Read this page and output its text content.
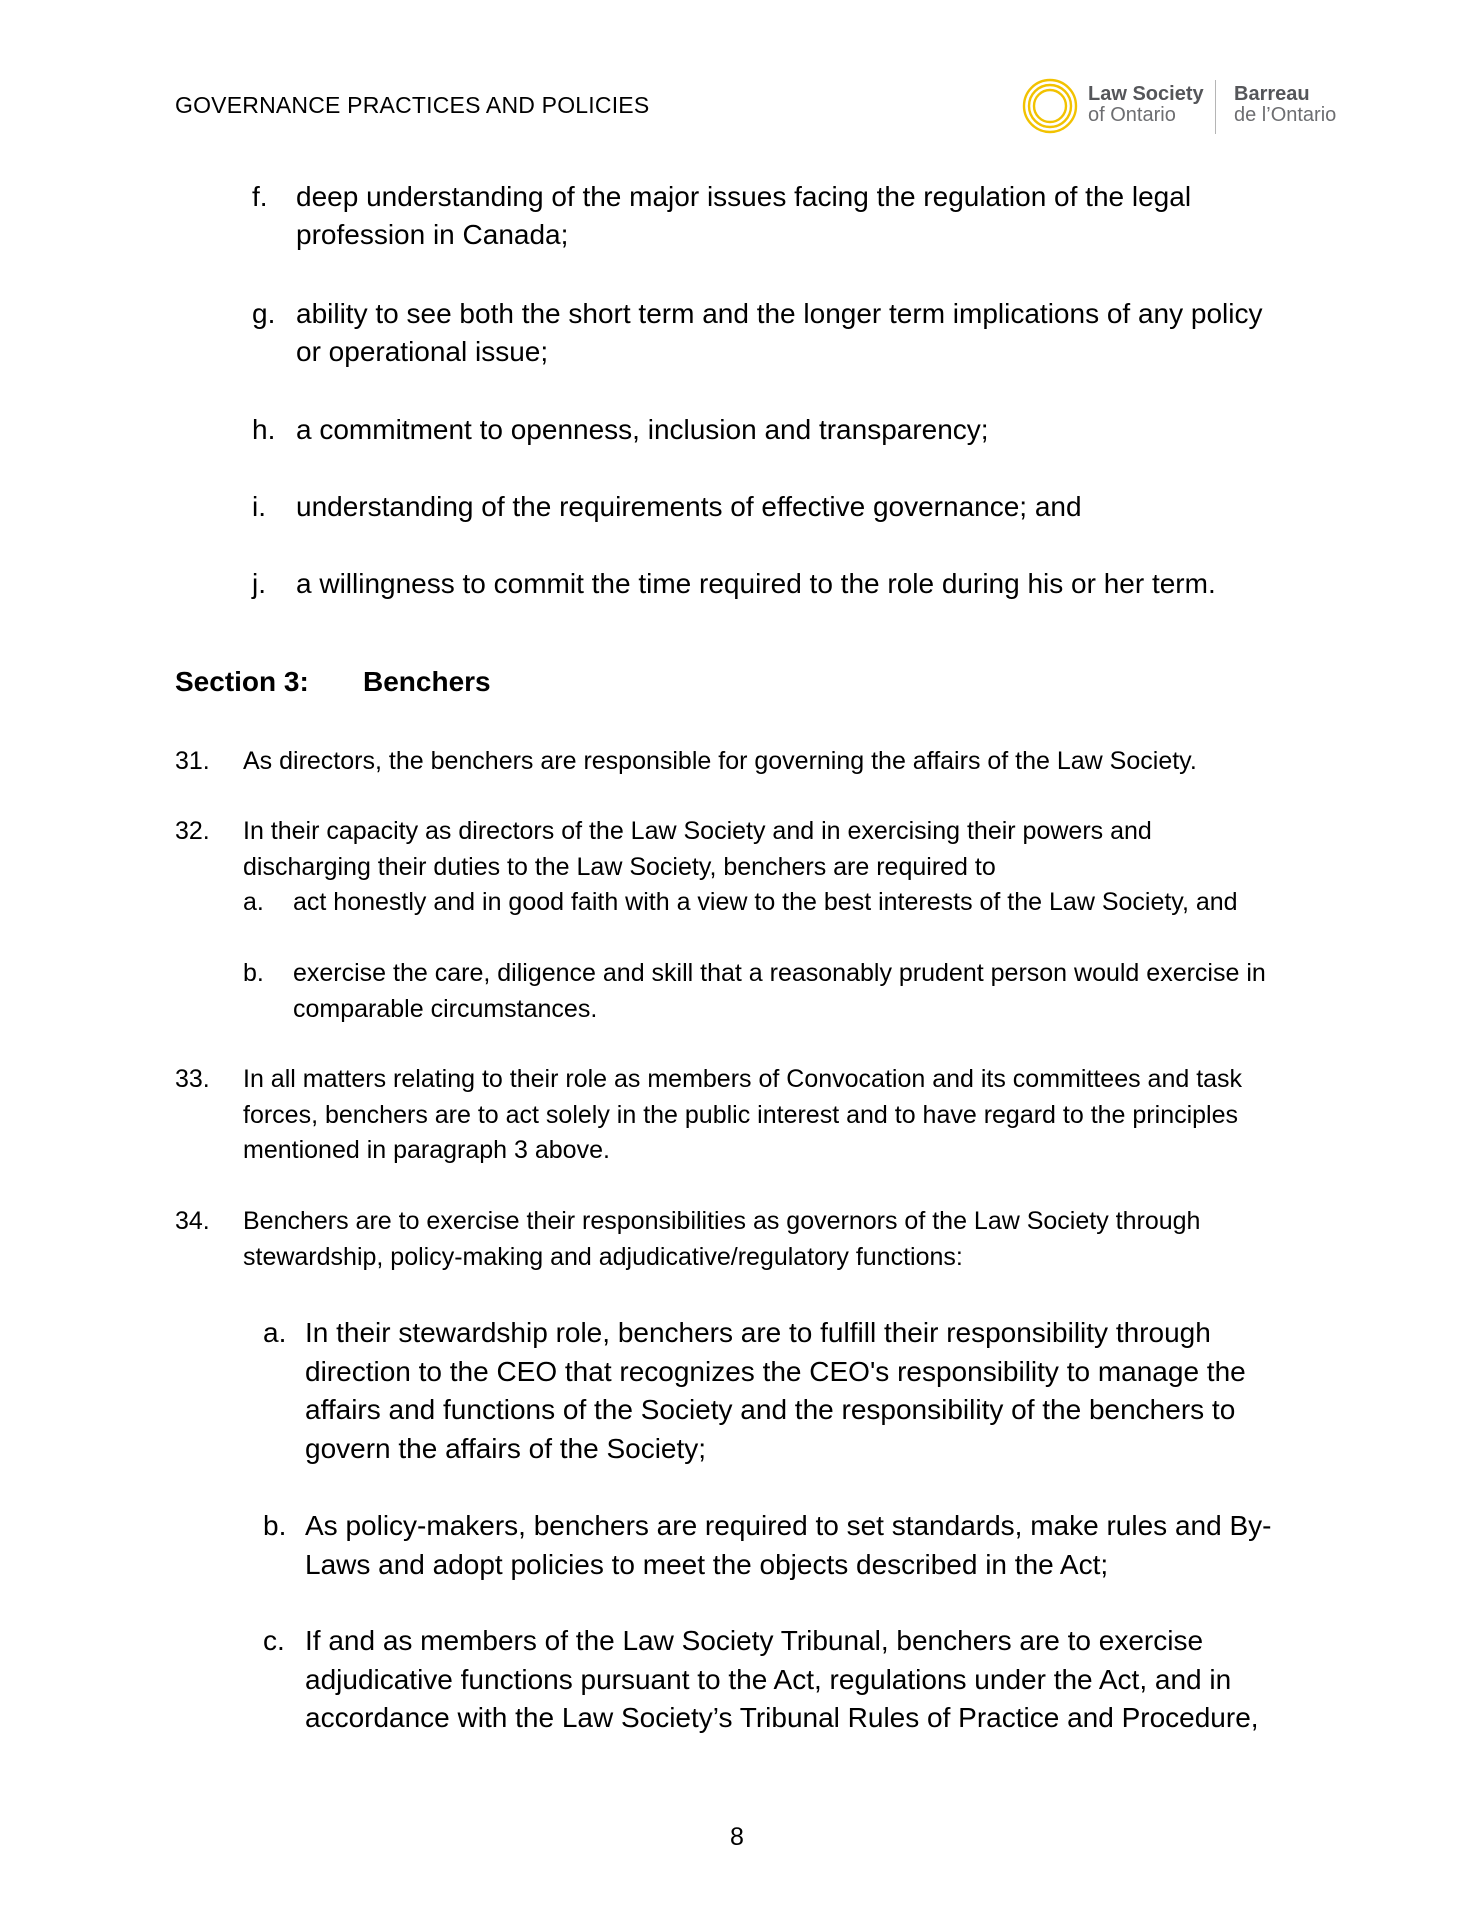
GOVERNANCE PRACTICES AND POLICIES	Law Society
of Ontario
Barreau
de l’Ontario
f. deep understanding of the major issues facing the regulation of the legal profession in Canada;
g. ability to see both the short term and the longer term implications of any policy or operational issue;
h. a commitment to openness, inclusion and transparency;
i. understanding of the requirements of effective governance; and
j. a willingness to commit the time required to the role during his or her term.
Section 3: Benchers
31. As directors, the benchers are responsible for governing the affairs of the Law Society.
32. In their capacity as directors of the Law Society and in exercising their powers and discharging their duties to the Law Society, benchers are required to
a. act honestly and in good faith with a view to the best interests of the Law Society, and
b. exercise the care, diligence and skill that a reasonably prudent person would exercise in comparable circumstances.
33. In all matters relating to their role as members of Convocation and its committees and task forces, benchers are to act solely in the public interest and to have regard to the principles mentioned in paragraph 3 above.
34. Benchers are to exercise their responsibilities as governors of the Law Society through stewardship, policy-making and adjudicative/regulatory functions:
a. In their stewardship role, benchers are to fulfill their responsibility through direction to the CEO that recognizes the CEO's responsibility to manage the affairs and functions of the Society and the responsibility of the benchers to govern the affairs of the Society;
b. As policy-makers, benchers are required to set standards, make rules and By-Laws and adopt policies to meet the objects described in the Act;
c. If and as members of the Law Society Tribunal, benchers are to exercise adjudicative functions pursuant to the Act, regulations under the Act, and in accordance with the Law Society’s Tribunal Rules of Practice and Procedure,
8
